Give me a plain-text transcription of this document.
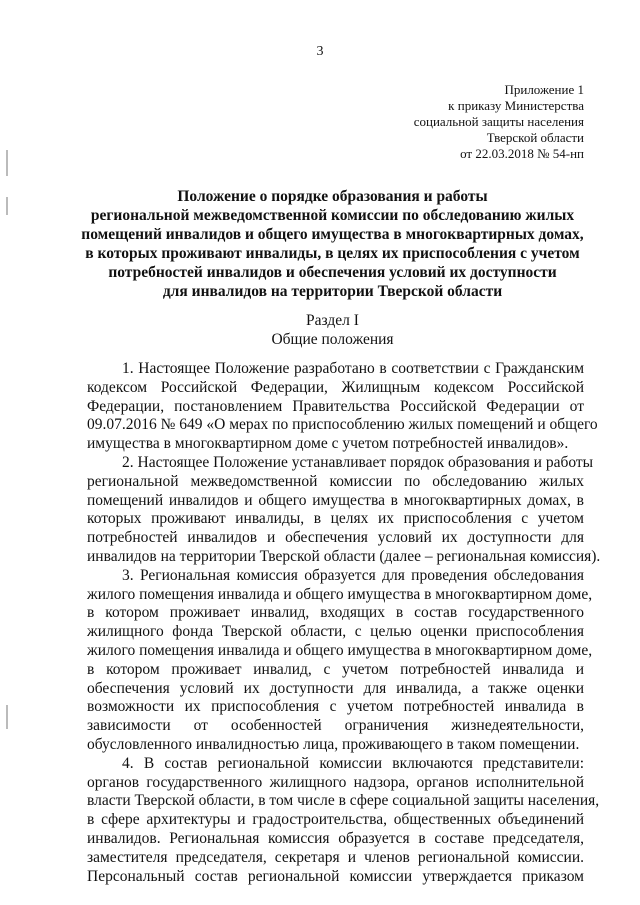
3
Приложение 1
к приказу Министерства
социальной защиты населения
Тверской области
от 22.03.2018 № 54-нп
Положение о порядке образования и работы
региональной межведомственной комиссии по обследованию жилых
помещений инвалидов и общего имущества в многоквартирных домах,
в которых проживают инвалиды, в целях их приспособления с учетом
потребностей инвалидов и обеспечения условий их доступности
для инвалидов на территории Тверской области
Раздел I
Общие положения
1. Настоящее Положение разработано в соответствии с Гражданским
кодексом Российской Федерации, Жилищным кодексом Российской
Федерации, постановлением Правительства Российской Федерации от
09.07.2016 № 649 «О мерах по приспособлению жилых помещений и общего
имущества в многоквартирном доме с учетом потребностей инвалидов».
2. Настоящее Положение устанавливает порядок образования и работы
региональной межведомственной комиссии по обследованию жилых
помещений инвалидов и общего имущества в многоквартирных домах, в
которых проживают инвалиды, в целях их приспособления с учетом
потребностей инвалидов и обеспечения условий их доступности для
инвалидов на территории Тверской области (далее – региональная комиссия).
3. Региональная комиссия образуется для проведения обследования
жилого помещения инвалида и общего имущества в многоквартирном доме,
в котором проживает инвалид, входящих в состав государственного
жилищного фонда Тверской области, с целью оценки приспособления
жилого помещения инвалида и общего имущества в многоквартирном доме,
в котором проживает инвалид, с учетом потребностей инвалида и
обеспечения условий их доступности для инвалида, а также оценки
возможности их приспособления с учетом потребностей инвалида в
зависимости от особенностей ограничения жизнедеятельности,
обусловленного инвалидностью лица, проживающего в таком помещении.
4. В состав региональной комиссии включаются представители:
органов государственного жилищного надзора, органов исполнительной
власти Тверской области, в том числе в сфере социальной защиты населения,
в сфере архитектуры и градостроительства, общественных объединений
инвалидов. Региональная комиссия образуется в составе председателя,
заместителя председателя, секретаря и членов региональной комиссии.
Персональный состав региональной комиссии утверждается приказом
